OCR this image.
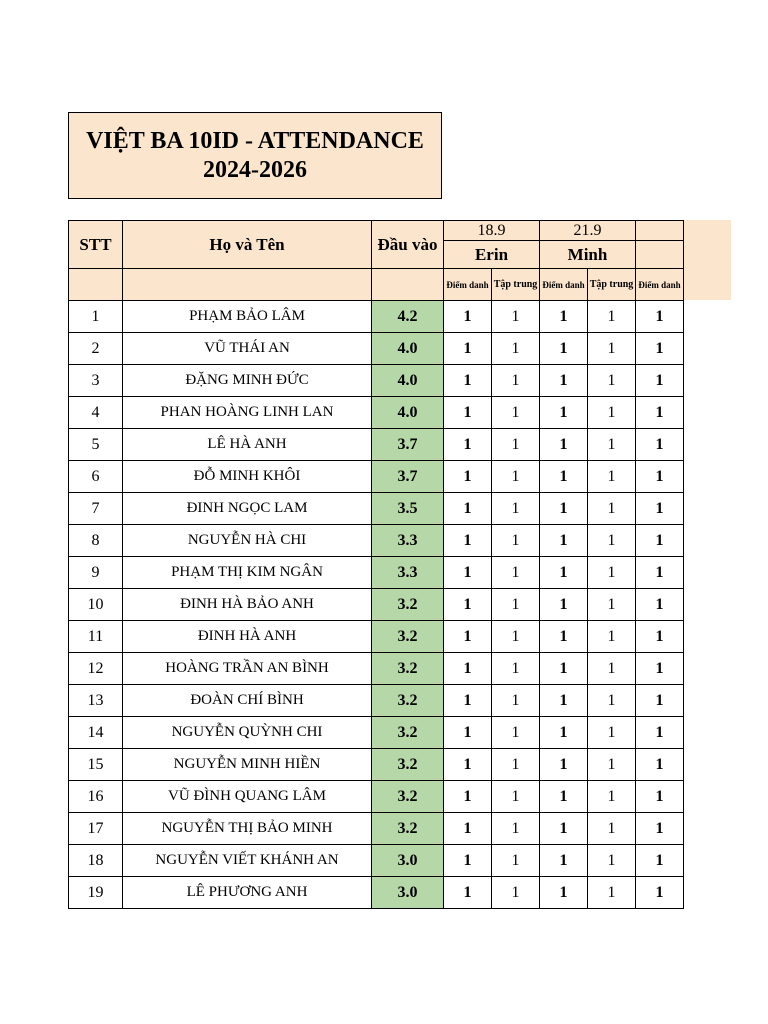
VIỆT BA 10ID - ATTENDANCE
2024-2026
STT	Họ và Tên	Đầu vào	18.9		21.9		
			Erin		Minh		
			Điểm danh	Tập trung	Điểm danh	Tập trung	Điểm danh
1	PHẠM BẢO LÂM	4.2	1	1	1	1	1
2	VŨ THÁI AN	4.0	1	1	1	1	1
3	ĐẶNG MINH ĐỨC	4.0	1	1	1	1	1
4	PHAN HOÀNG LINH LAN	4.0	1	1	1	1	1
5	LÊ HÀ ANH	3.7	1	1	1	1	1
6	ĐỖ MINH KHÔI	3.7	1	1	1	1	1
7	ĐINH NGỌC LAM	3.5	1	1	1	1	1
8	NGUYỄN HÀ CHI	3.3	1	1	1	1	1
9	PHẠM THỊ KIM NGÂN	3.3	1	1	1	1	1
10	ĐINH HÀ BẢO ANH	3.2	1	1	1	1	1
11	ĐINH HÀ ANH	3.2	1	1	1	1	1
12	HOÀNG TRẦN AN BÌNH	3.2	1	1	1	1	1
13	ĐOÀN CHÍ BÌNH	3.2	1	1	1	1	1
14	NGUYỄN QUỲNH CHI	3.2	1	1	1	1	1
15	NGUYỄN MINH HIỀN	3.2	1	1	1	1	1
16	VŨ ĐÌNH QUANG LÂM	3.2	1	1	1	1	1
17	NGUYỄN THỊ BẢO MINH	3.2	1	1	1	1	1
18	NGUYỄN VIẾT KHÁNH AN	3.0	1	1	1	1	1
19	LÊ PHƯƠNG ANH	3.0	1	1	1	1	1
